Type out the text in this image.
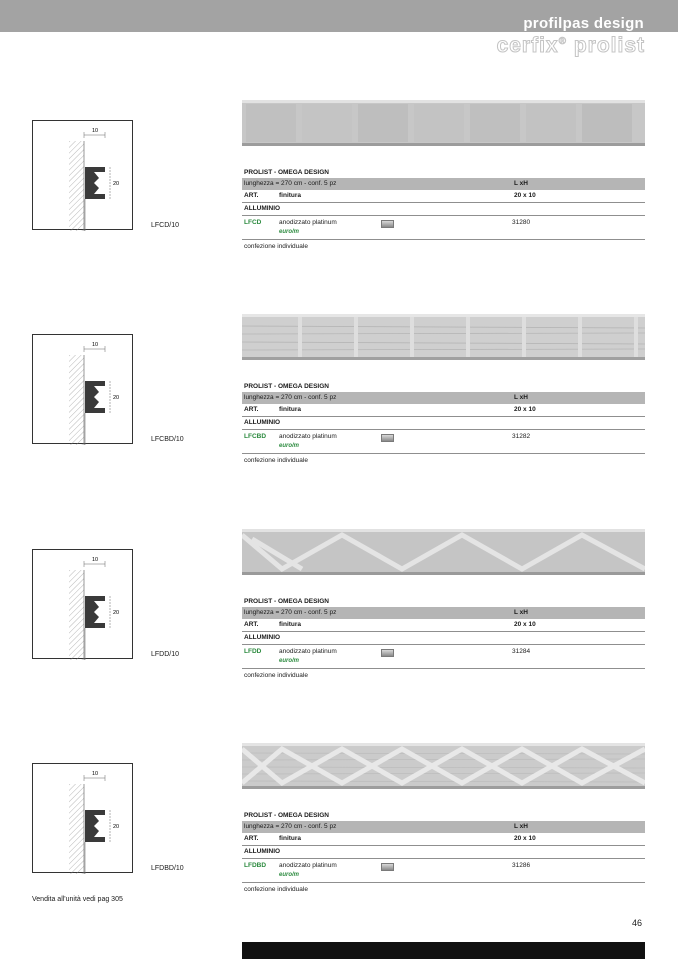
profilpas design
cerfix® prolist
10
20
LFCD/10
PROLIST - OMEGA DESIGN
lunghezza = 270 cm - conf. 5 pz	L xH
ART.	finitura	20 x 10
ALLUMINIO
LFCD	anodizzato platinum	31280
euro/m
confezione individuale
10
20
LFCBD/10
PROLIST - OMEGA DESIGN
lunghezza = 270 cm - conf. 5 pz	L xH
ART.	finitura	20 x 10
ALLUMINIO
LFCBD anodizzato platinum	31282
euro/m
confezione individuale
10
20
LFDD/10
PROLIST - OMEGA DESIGN
lunghezza = 270 cm - conf. 5 pz	L xH
ART.	finitura	20 x 10
ALLUMINIO
LFDD	anodizzato platinum	31284
euro/m
confezione individuale
10
20
LFDBD/10
PROLIST - OMEGA DESIGN
lunghezza = 270 cm - conf. 5 pz	L xH
ART.	finitura	20 x 10
ALLUMINIO
LFDBD anodizzato platinum	31286
euro/m
confezione individuale
Vendita all'unità vedi pag 305
46
